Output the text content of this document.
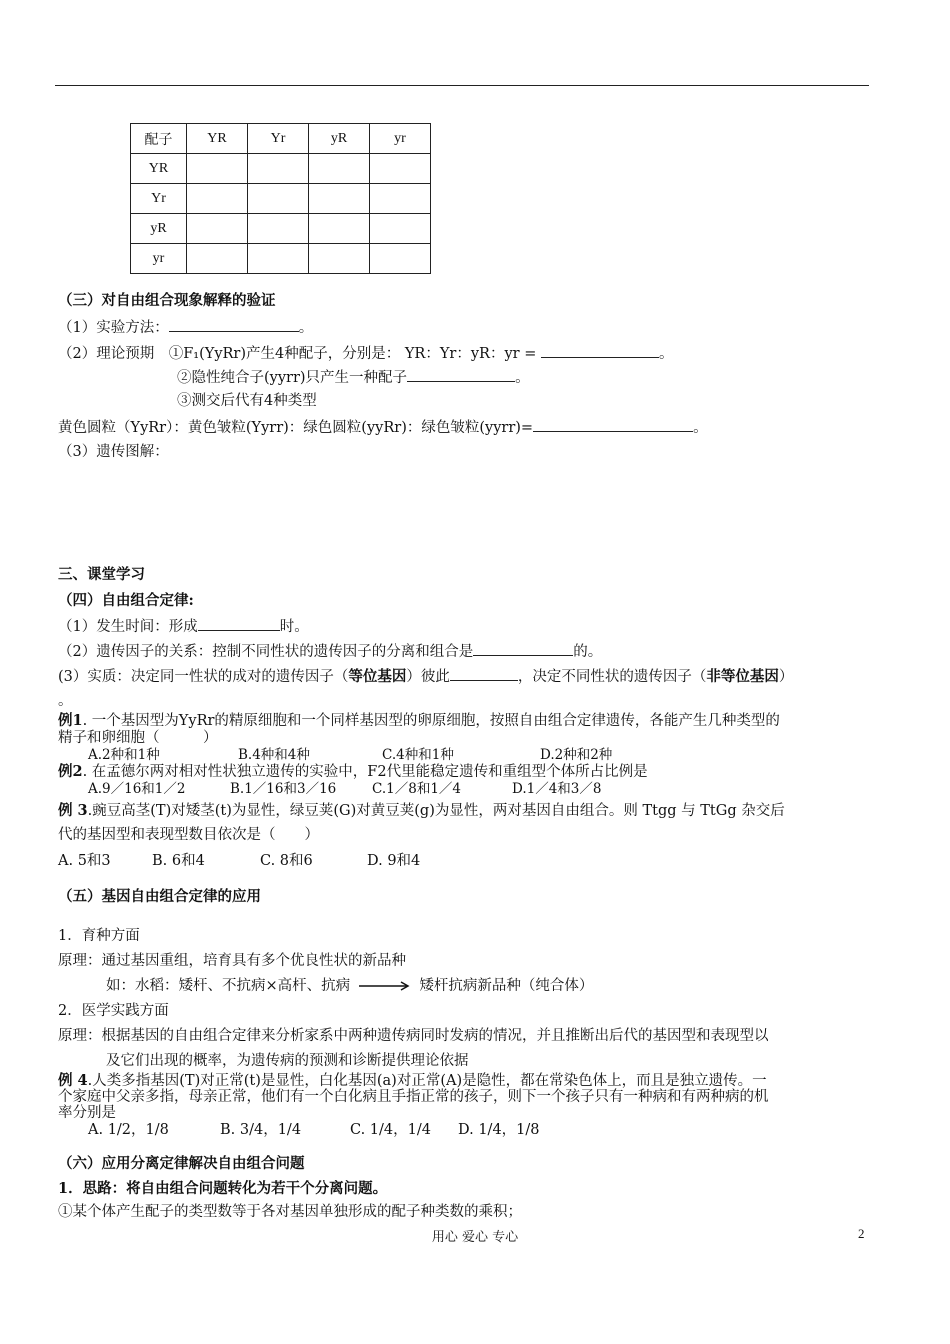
配子	YR	Yr	yR	yr
YR				
Yr				
yR				
yr				
（三）对自由组合现象解释的验证
（1）实验方法：	。
（2）理论预期　①F₁(YyRr)产生4种配子，分别是： YR：Yr：yR：yr =	。
②隐性纯合子(yyrr)只产生一种配子	。
③测交后代有4种类型
黄色圆粒（YyRr）：黄色皱粒(Yyrr)：绿色圆粒(yyRr)：绿色皱粒(yyrr)=	。
（3）遗传图解：
三、课堂学习
（四）自由组合定律:
（1）发生时间：形成	时。
（2）遗传因子的关系：控制不同性状的遗传因子的分离和组合是	的。
(3）实质：决定同一性状的成对的遗传因子（等位基因）彼此	，决定不同性状的遗传因子（非等位基因）
。
例1. 一个基因型为YyRr的精原细胞和一个同样基因型的卵原细胞，按照自由组合定律遗传，各能产生几种类型的
精子和卵细胞（　　　）
A.2种和1种	B.4种和4种	C.4种和1种	D.2种和2种
例2. 在孟德尔两对相对性状独立遗传的实验中，F2代里能稳定遗传和重组型个体所占比例是
A.9／16和1／2	B.1／16和3／16	C.1／8和1／4	D.1／4和3／8
例 3.豌豆高茎(T)对矮茎(t)为显性，绿豆荚(G)对黄豆荚(g)为显性，两对基因自由组合。则 Ttgg 与 TtGg 杂交后
代的基因型和表现型数目依次是（　　）
A. 5和3	B. 6和4	C. 8和6	D. 9和4
（五）基因自由组合定律的应用
1．育种方面
原理：通过基因重组，培育具有多个优良性状的新品种
如：水稻：矮杆、不抗病×高杆、抗病	矮杆抗病新品种（纯合体）
2．医学实践方面
原理：根据基因的自由组合定律来分析家系中两种遗传病同时发病的情况，并且推断出后代的基因型和表现型以
及它们出现的概率，为遗传病的预测和诊断提供理论依据
例 4.人类多指基因(T)对正常(t)是显性，白化基因(a)对正常(A)是隐性，都在常染色体上，而且是独立遗传。一
个家庭中父亲多指，母亲正常，他们有一个白化病且手指正常的孩子，则下一个孩子只有一种病和有两种病的机
率分别是
A. 1/2，1/8	B. 3/4，1/4	C. 1/4，1/4 D. 1/4，1/8
（六）应用分离定律解决自由组合问题
1．思路：将自由组合问题转化为若干个分离问题。
①某个体产生配子的类型数等于各对基因单独形成的配子种类数的乘积；
用心 爱心 专心	2
